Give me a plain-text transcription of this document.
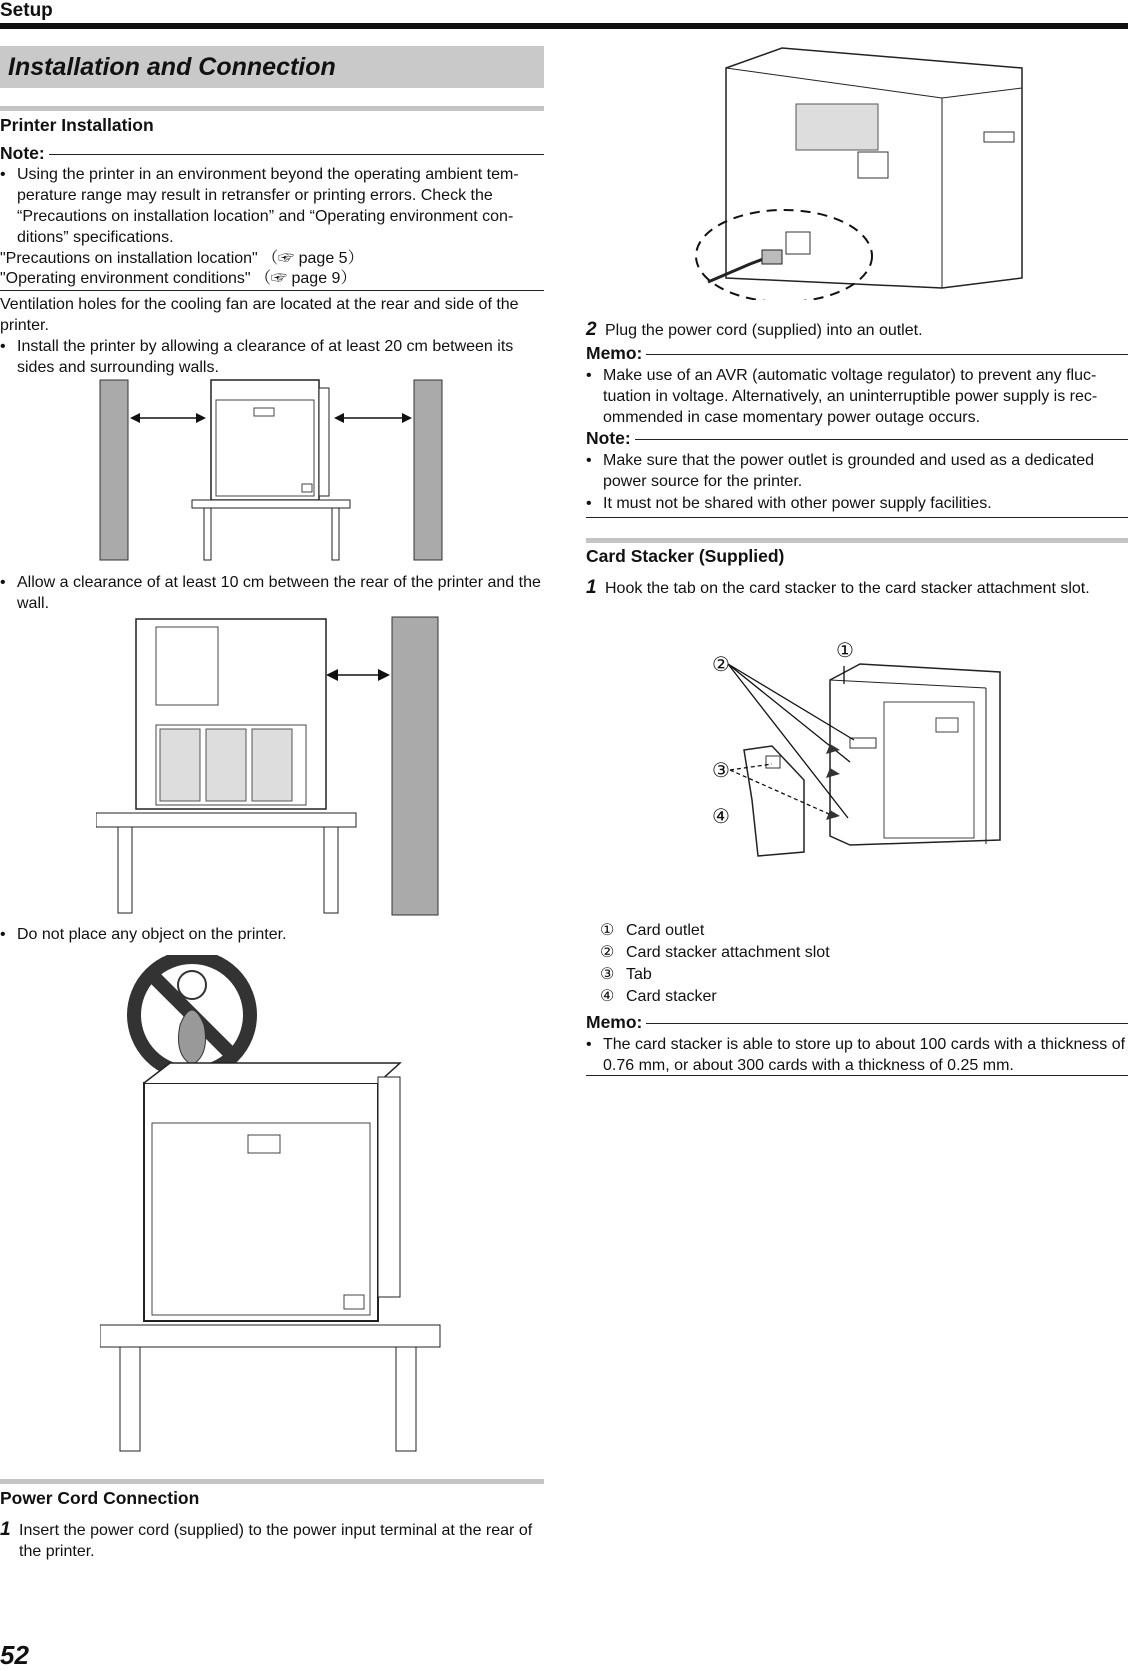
Setup
Installation and Connection
Printer Installation
Note:
• Using the printer in an environment beyond the operating ambient tem-perature range may result in retransfer or printing errors. Check the “Precautions on installation location” and “Operating environment con-ditions” specifications.
"Precautions on installation location" （☞ page 5）
"Operating environment conditions" （☞ page 9）
Ventilation holes for the cooling fan are located at the rear and side of the printer.
• Install the printer by allowing a clearance of at least 20 cm between its sides and surrounding walls.
• Allow a clearance of at least 10 cm between the rear of the printer and the wall.
• Do not place any object on the printer.
Power Cord Connection
1 Insert the power cord (supplied) to the power input terminal at the rear of the printer.
2 Plug the power cord (supplied) into an outlet.
Memo:
• Make use of an AVR (automatic voltage regulator) to prevent any fluc-tuation in voltage. Alternatively, an uninterruptible power supply is rec-ommended in case momentary power outage occurs.
Note:
• Make sure that the power outlet is grounded and used as a dedicated power source for the printer.
• It must not be shared with other power supply facilities.
Card Stacker (Supplied)
1 Hook the tab on the card stacker to the card stacker attachment slot.
①
②
③
④
① Card outlet
② Card stacker attachment slot
③ Tab
④ Card stacker
Memo:
• The card stacker is able to store up to about 100 cards with a thickness of 0.76 mm, or about 300 cards with a thickness of 0.25 mm.
52
